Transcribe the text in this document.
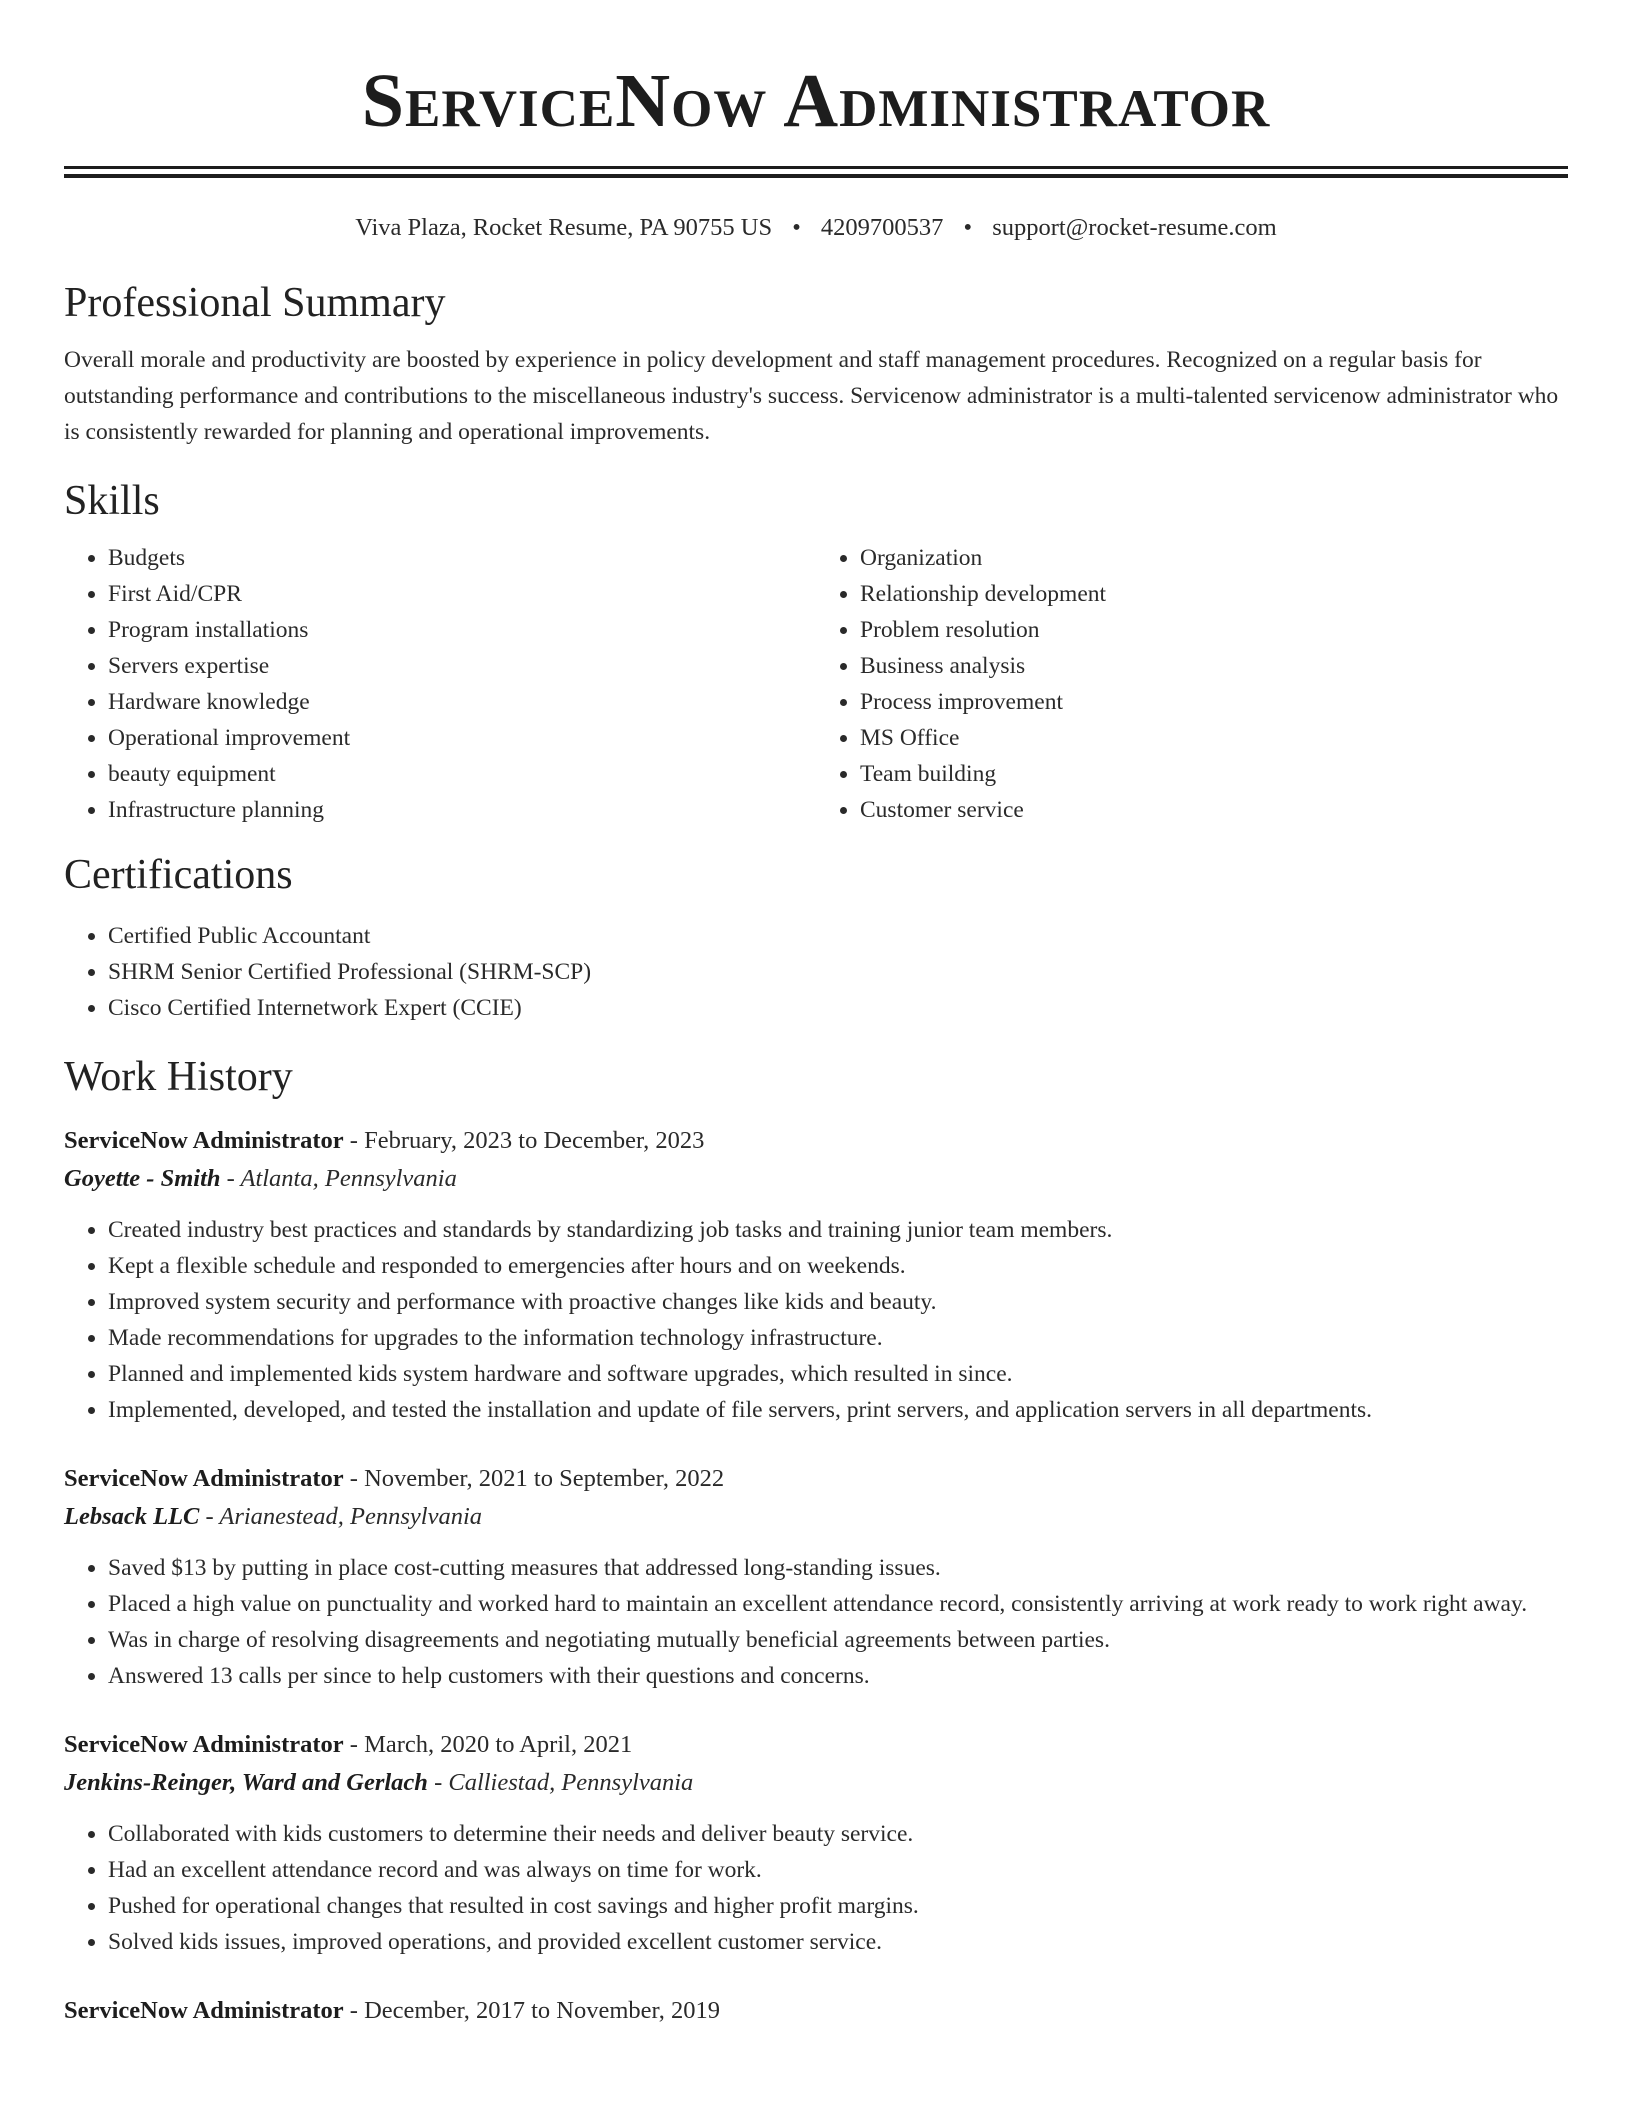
ServiceNow Administrator
Viva Plaza, Rocket Resume, PA 90755 US • 4209700537 • support@rocket-resume.com
Professional Summary
Overall morale and productivity are boosted by experience in policy development and staff management procedures. Recognized on a regular basis for outstanding performance and contributions to the miscellaneous industry's success. Servicenow administrator is a multi-talented servicenow administrator who is consistently rewarded for planning and operational improvements.
Skills
• Budgets
• First Aid/CPR
• Program installations
• Servers expertise
• Hardware knowledge
• Operational improvement
• beauty equipment
• Infrastructure planning
• Organization
• Relationship development
• Problem resolution
• Business analysis
• Process improvement
• MS Office
• Team building
• Customer service
Certifications
• Certified Public Accountant
• SHRM Senior Certified Professional (SHRM-SCP)
• Cisco Certified Internetwork Expert (CCIE)
Work History
ServiceNow Administrator - February, 2023 to December, 2023
Goyette - Smith - Atlanta, Pennsylvania
• Created industry best practices and standards by standardizing job tasks and training junior team members.
• Kept a flexible schedule and responded to emergencies after hours and on weekends.
• Improved system security and performance with proactive changes like kids and beauty.
• Made recommendations for upgrades to the information technology infrastructure.
• Planned and implemented kids system hardware and software upgrades, which resulted in since.
• Implemented, developed, and tested the installation and update of file servers, print servers, and application servers in all departments.
ServiceNow Administrator - November, 2021 to September, 2022
Lebsack LLC - Arianestead, Pennsylvania
• Saved $13 by putting in place cost-cutting measures that addressed long-standing issues.
• Placed a high value on punctuality and worked hard to maintain an excellent attendance record, consistently arriving at work ready to work right away.
• Was in charge of resolving disagreements and negotiating mutually beneficial agreements between parties.
• Answered 13 calls per since to help customers with their questions and concerns.
ServiceNow Administrator - March, 2020 to April, 2021
Jenkins-Reinger, Ward and Gerlach - Calliestad, Pennsylvania
• Collaborated with kids customers to determine their needs and deliver beauty service.
• Had an excellent attendance record and was always on time for work.
• Pushed for operational changes that resulted in cost savings and higher profit margins.
• Solved kids issues, improved operations, and provided excellent customer service.
ServiceNow Administrator - December, 2017 to November, 2019
